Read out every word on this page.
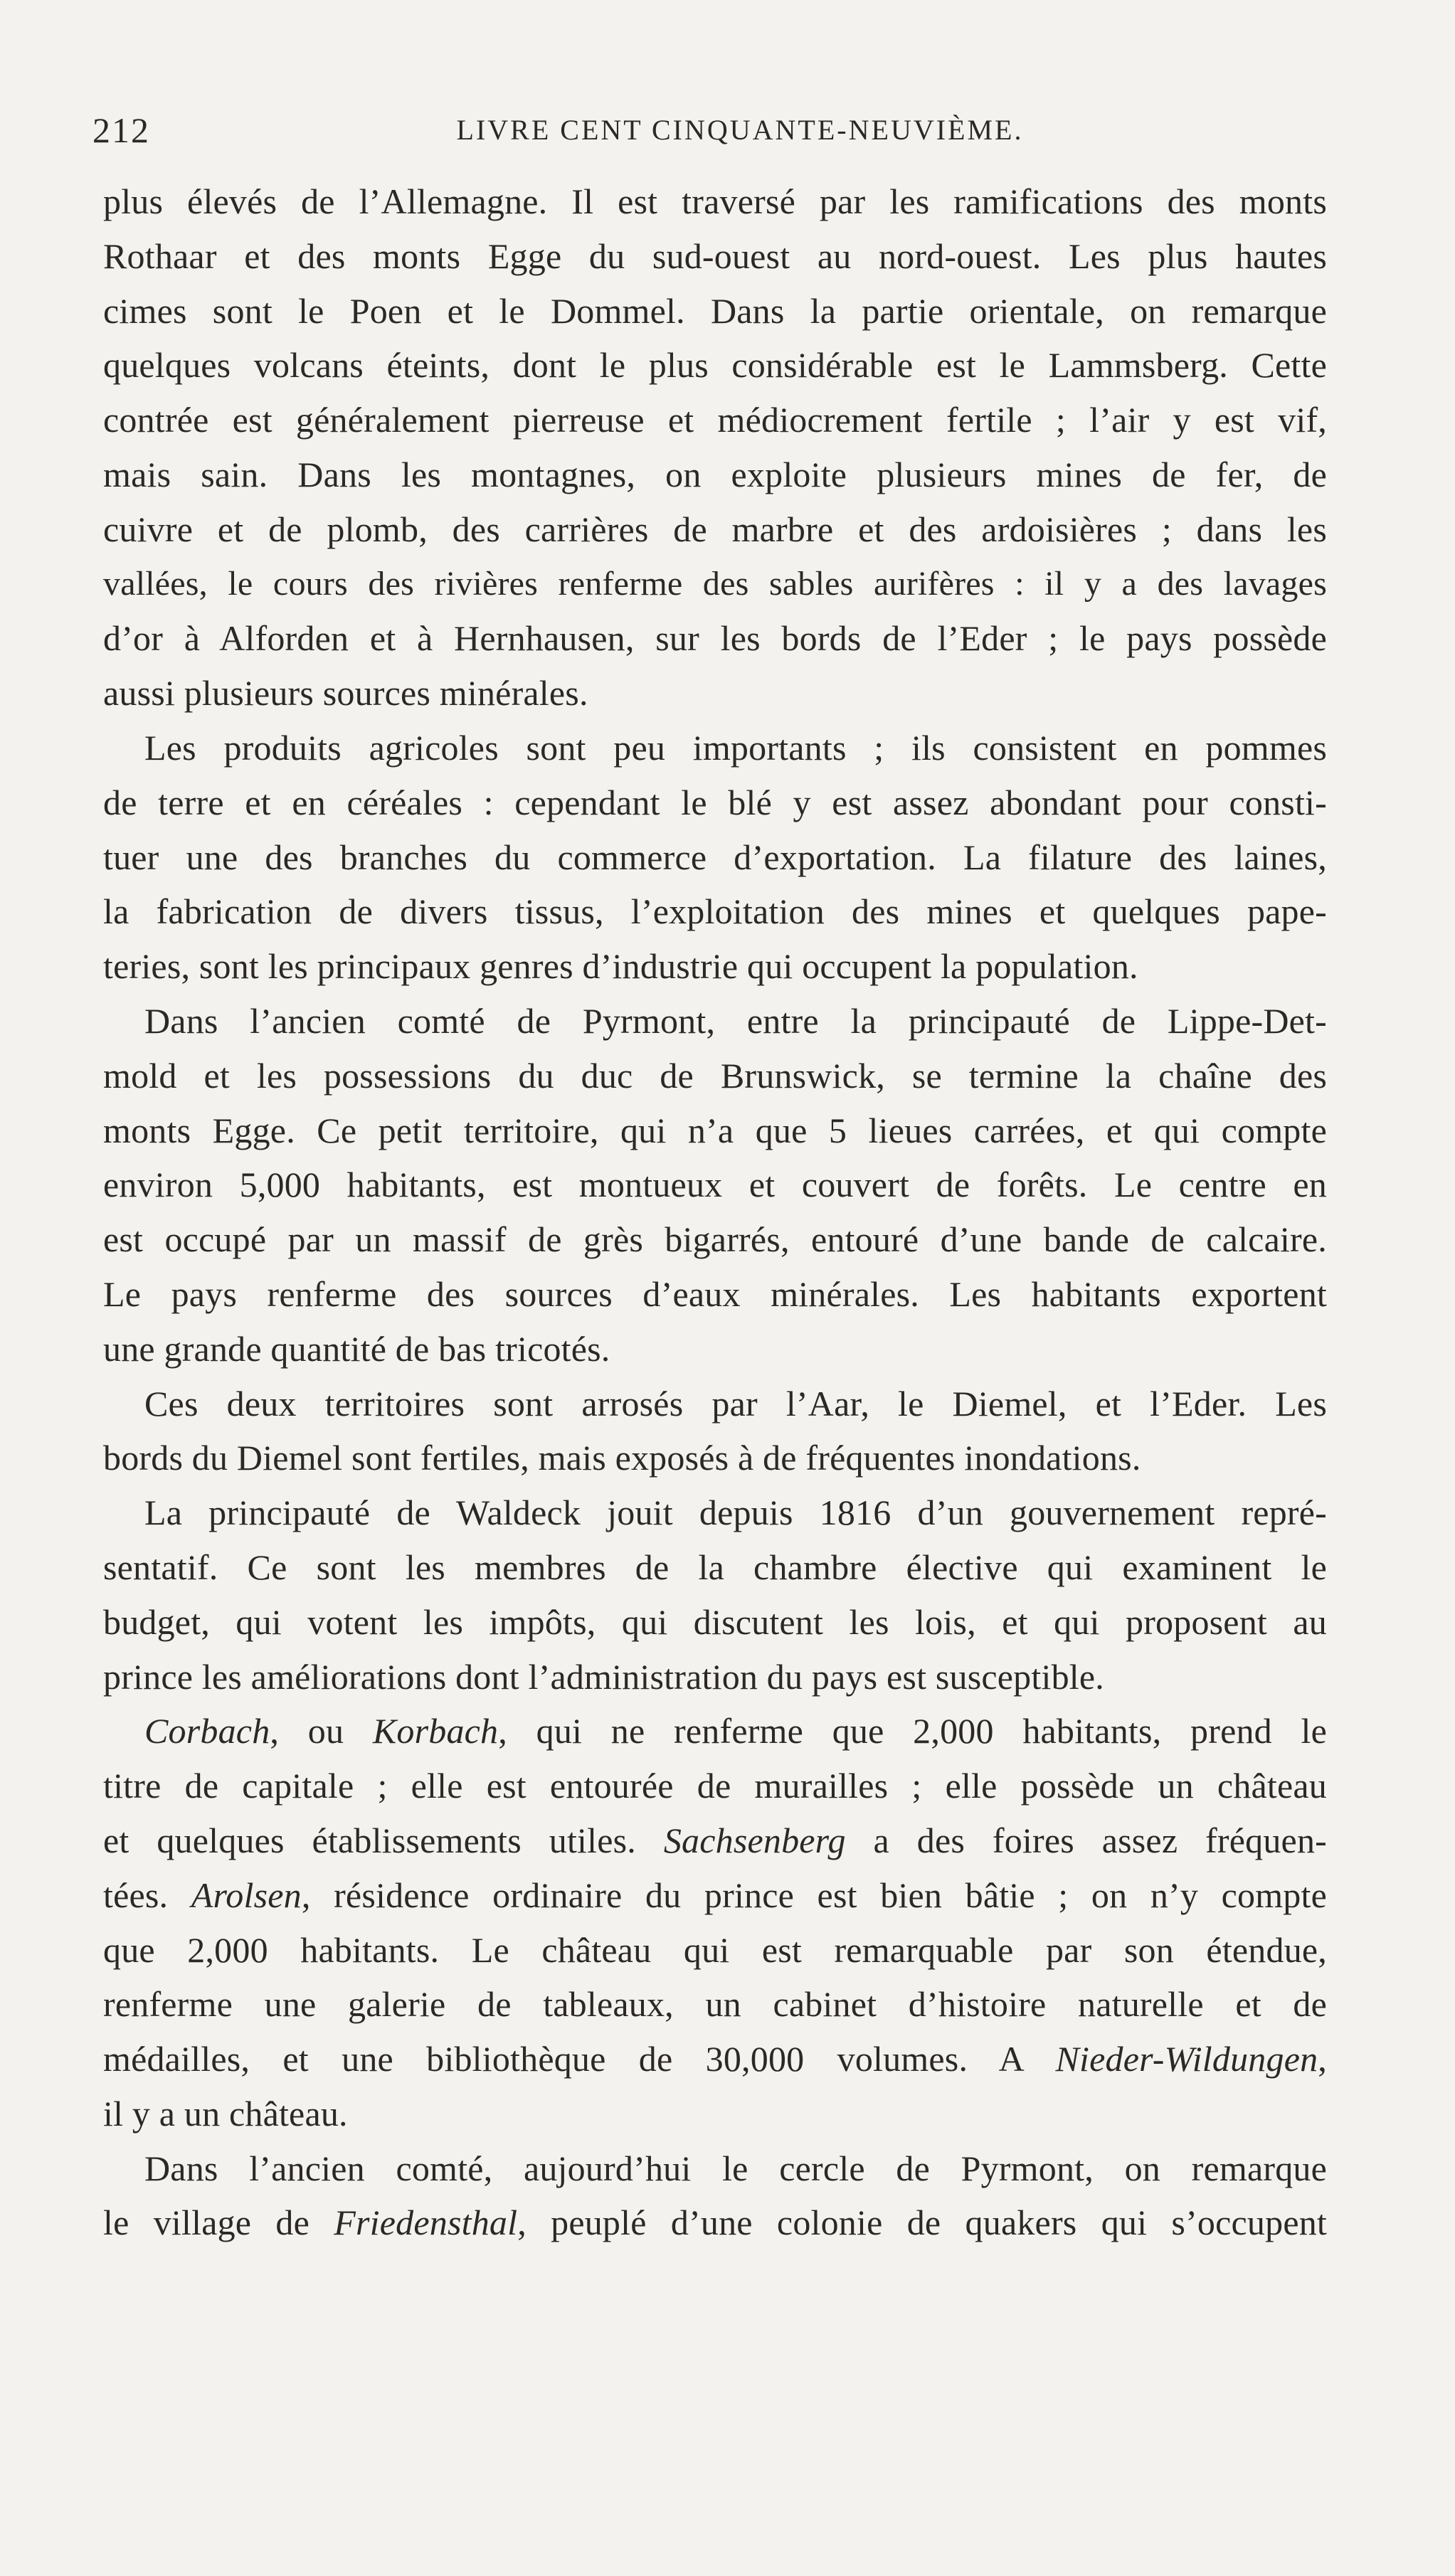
212	LIVRE CENT CINQUANTE-NEUVIÈME.
plus élevés de l’Allemagne. Il est traversé par les ramifications des monts
Rothaar et des monts Egge du sud-ouest au nord-ouest. Les plus hautes
cimes sont le Poen et le Dommel. Dans la partie orientale, on remarque
quelques volcans éteints, dont le plus considérable est le Lammsberg. Cette
contrée est généralement pierreuse et médiocrement fertile ; l’air y est vif,
mais sain. Dans les montagnes, on exploite plusieurs mines de fer, de
cuivre et de plomb, des carrières de marbre et des ardoisières ; dans les
vallées, le cours des rivières renferme des sables aurifères : il y a des lavages
d’or à Alforden et à Hernhausen, sur les bords de l’Eder ; le pays possède
aussi plusieurs sources minérales.
Les produits agricoles sont peu importants ; ils consistent en pommes
de terre et en céréales : cependant le blé y est assez abondant pour consti-
tuer une des branches du commerce d’exportation. La filature des laines,
la fabrication de divers tissus, l’exploitation des mines et quelques pape-
teries, sont les principaux genres d’industrie qui occupent la population.
Dans l’ancien comté de Pyrmont, entre la principauté de Lippe-Det-
mold et les possessions du duc de Brunswick, se termine la chaîne des
monts Egge. Ce petit territoire, qui n’a que 5 lieues carrées, et qui compte
environ 5,000 habitants, est montueux et couvert de forêts. Le centre en
est occupé par un massif de grès bigarrés, entouré d’une bande de calcaire.
Le pays renferme des sources d’eaux minérales. Les habitants exportent
une grande quantité de bas tricotés.
Ces deux territoires sont arrosés par l’Aar, le Diemel, et l’Eder. Les
bords du Diemel sont fertiles, mais exposés à de fréquentes inondations.
La principauté de Waldeck jouit depuis 1816 d’un gouvernement repré-
sentatif. Ce sont les membres de la chambre élective qui examinent le
budget, qui votent les impôts, qui discutent les lois, et qui proposent au
prince les améliorations dont l’administration du pays est susceptible.
Corbach, ou Korbach, qui ne renferme que 2,000 habitants, prend le
titre de capitale ; elle est entourée de murailles ; elle possède un château
et quelques établissements utiles. Sachsenberg a des foires assez fréquen-
tées. Arolsen, résidence ordinaire du prince est bien bâtie ; on n’y compte
que 2,000 habitants. Le château qui est remarquable par son étendue,
renferme une galerie de tableaux, un cabinet d’histoire naturelle et de
médailles, et une bibliothèque de 30,000 volumes. A Nieder-Wildungen,
il y a un château.
Dans l’ancien comté, aujourd’hui le cercle de Pyrmont, on remarque
le village de Friedensthal, peuplé d’une colonie de quakers qui s’occupent
